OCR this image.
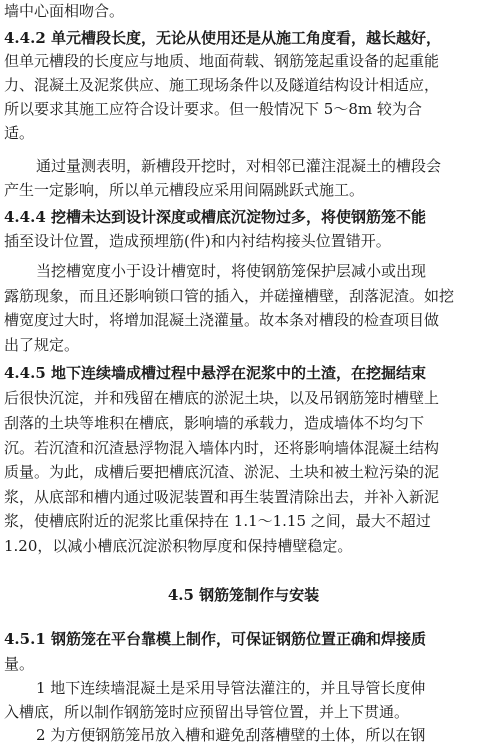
墙中心面相吻合。
4.4.2 单元槽段长度，无论从使用还是从施工角度看，越长越好，
但单元槽段的长度应与地质、地面荷载、钢筋笼起重设备的起重能
力、混凝土及泥浆供应、施工现场条件以及隧道结构设计相适应，
所以要求其施工应符合设计要求。但一般情况下 5～8m 较为合
适。
通过量测表明，新槽段开挖时，对相邻已灌注混凝土的槽段会
产生一定影响，所以单元槽段应采用间隔跳跃式施工。
4.4.4 挖槽未达到设计深度或槽底沉淀物过多，将使钢筋笼不能
插至设计位置，造成预埋筋(件)和内衬结构接头位置错开。
当挖槽宽度小于设计槽宽时，将使钢筋笼保护层减小或出现
露筋现象，而且还影响锁口管的插入，并磋撞槽壁，刮落泥渣。如挖
槽宽度过大时，将增加混凝土浇灌量。故本条对槽段的检查项目做
出了规定。
4.4.5 地下连续墙成槽过程中悬浮在泥浆中的土渣，在挖掘结束
后很快沉淀，并和残留在槽底的淤泥土块，以及吊钢筋笼时槽壁上
刮落的土块等堆积在槽底，影响墙的承载力，造成墙体不均匀下
沉。若沉渣和沉渣悬浮物混入墙体内时，还将影响墙体混凝土结构
质量。为此，成槽后要把槽底沉渣、淤泥、土块和被土粒污染的泥
浆，从底部和槽内通过吸泥装置和再生装置清除出去，并补入新泥
浆，使槽底附近的泥浆比重保持在 1.1～1.15 之间，最大不超过
1.20，以减小槽底沉淀淤积物厚度和保持槽壁稳定。
4.5 钢筋笼制作与安装
4.5.1 钢筋笼在平台靠模上制作，可保证钢筋位置正确和焊接质
量。
1 地下连续墙混凝土是采用导管法灌注的，并且导管长度伸
入槽底，所以制作钢筋笼时应预留出导管位置，并上下贯通。
2 为方便钢筋笼吊放入槽和避免刮落槽壁的土体，所以在钢
